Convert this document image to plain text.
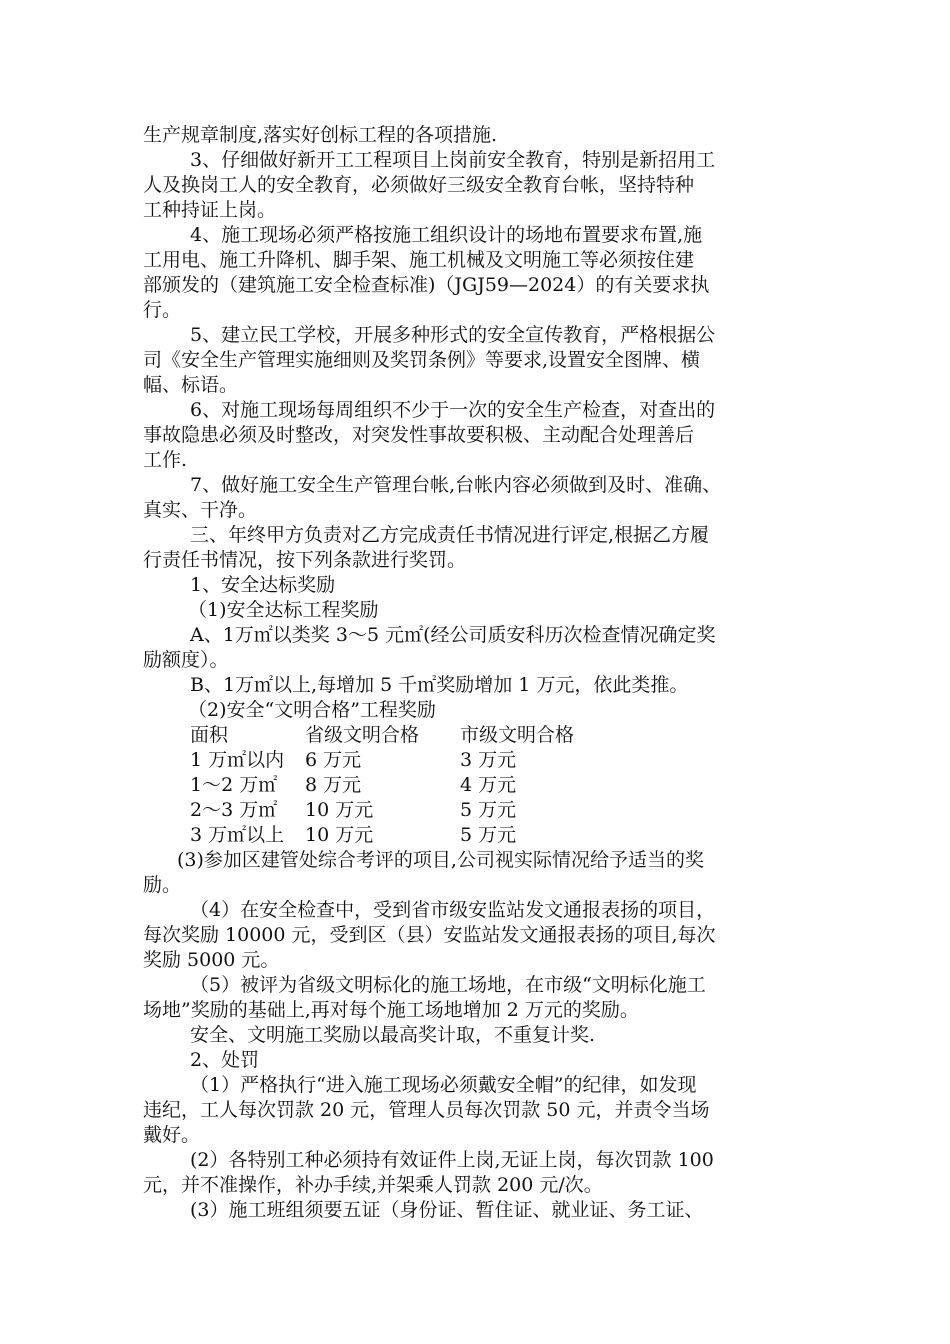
生产规章制度,落实好创标工程的各项措施.
3、仔细做好新开工工程项目上岗前安全教育，特别是新招用工
人及换岗工人的安全教育，必须做好三级安全教育台帐，坚持特种
工种持证上岗。
4、施工现场必须严格按施工组织设计的场地布置要求布置,施
工用电、施工升降机、脚手架、施工机械及文明施工等必须按住建
部颁发的（建筑施工安全检查标准)（JGJ59—2024）的有关要求执
行。
5、建立民工学校，开展多种形式的安全宣传教育，严格根据公
司《安全生产管理实施细则及奖罚条例》等要求,设置安全图牌、横
幅、标语。
6、对施工现场每周组织不少于一次的安全生产检查，对查出的
事故隐患必须及时整改，对突发性事故要积极、主动配合处理善后
工作.
7、做好施工安全生产管理台帐,台帐内容必须做到及时、准确、
真实、干净。
三、年终甲方负责对乙方完成责任书情况进行评定,根据乙方履
行责任书情况，按下列条款进行奖罚。
1、安全达标奖励
（1)安全达标工程奖励
A、1万㎡以类奖 3～5 元㎡(经公司质安科历次检查情况确定奖
励额度）。
B、1万㎡以上,每增加 5 千㎡奖励增加 1 万元，依此类推。
（2)安全“文明合格”工程奖励
面积	省级文明合格	市级文明合格
1 万㎡以内	6 万元	3 万元
1～2 万㎡	8 万元	4 万元
2～3 万㎡	10 万元	5 万元
3 万㎡以上	10 万元	5 万元
(3)参加区建管处综合考评的项目,公司视实际情况给予适当的奖
励。
（4）在安全检查中，受到省市级安监站发文通报表扬的项目，
每次奖励 10000 元，受到区（县）安监站发文通报表扬的项目,每次
奖励 5000 元。
（5）被评为省级文明标化的施工场地，在市级“文明标化施工
场地”奖励的基础上,再对每个施工场地增加 2 万元的奖励。
安全、文明施工奖励以最高奖计取，不重复计奖.
2、处罚
（1）严格执行“进入施工现场必须戴安全帽”的纪律，如发现
违纪，工人每次罚款 20 元，管理人员每次罚款 50 元，并责令当场
戴好。
(2）各特别工种必须持有效证件上岗,无证上岗，每次罚款 100
元，并不准操作，补办手续,并架乘人罚款 200 元/次。
(3）施工班组须要五证（身份证、暂住证、就业证、务工证、
